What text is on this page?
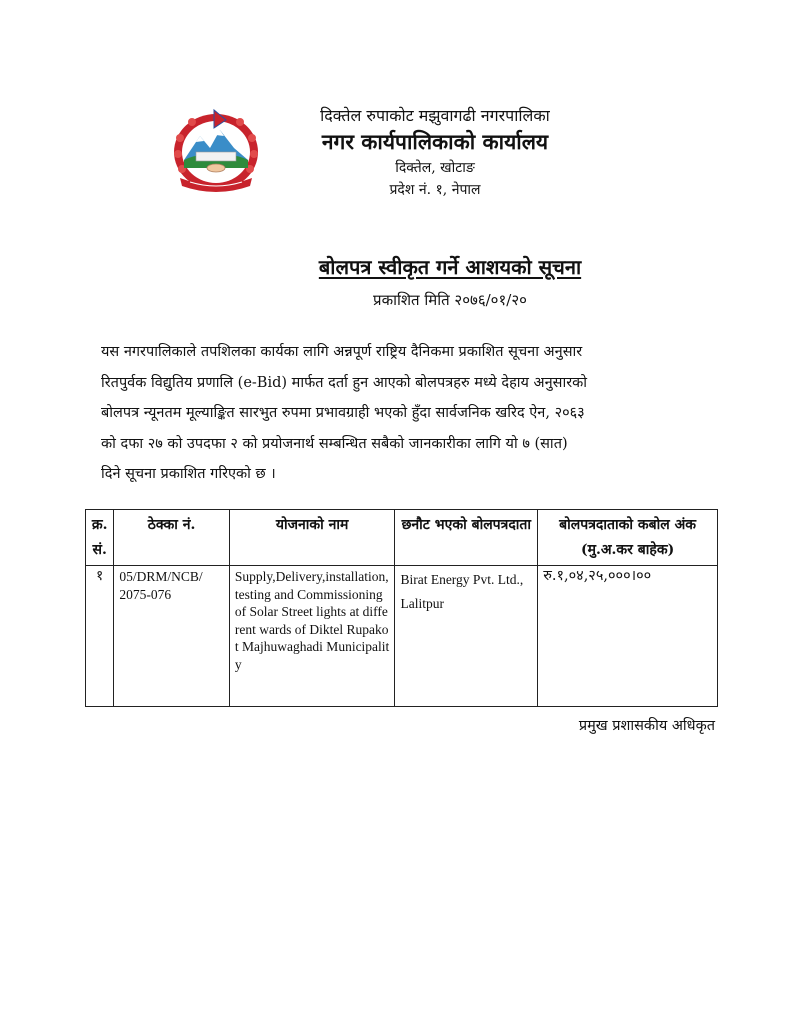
दिक्तेल रुपाकोट मझुवागढी नगरपालिका
नगर कार्यपालिकाको कार्यालय
दिक्तेल, खोटाङ
प्रदेश नं. १, नेपाल
बोलपत्र स्वीकृत गर्ने आशयको सूचना
प्रकाशित मिति २०७६/०१/२०
यस नगरपालिकाले तपशिलका कार्यका लागि अन्नपूर्ण राष्ट्रिय दैनिकमा प्रकाशित सूचना अनुसार
रितपुर्वक विद्युतिय प्रणालि (e-Bid) मार्फत दर्ता हुन आएको बोलपत्रहरु मध्ये देहाय अनुसारको
बोलपत्र न्यूनतम मूल्याङ्कित सारभुत रुपमा प्रभावग्राही भएको हुँदा सार्वजनिक खरिद ऐन, २०६३
को दफा २७ को उपदफा २ को प्रयोजनार्थ सम्बन्धित सबैको जानकारीका लागि यो ७ (सात)
दिने सूचना प्रकाशित गरिएको छ ।
क्र. सं.	ठेक्का नं.	योजनाको नाम	छनौट भएको बोलपत्रदाता	बोलपत्रदाताको कबोल अंक (मु.अ.कर बाहेक)
१	05/DRM/NCB/ 2075-076	Supply,Delivery,installation,testing and Commissioning of Solar Street lights at different wards of Diktel Rupakot Majhuwaghadi Municipality	Birat Energy Pvt. Ltd., Lalitpur	रु.१,०४,२५,०००।००
प्रमुख प्रशासकीय अधिकृत
